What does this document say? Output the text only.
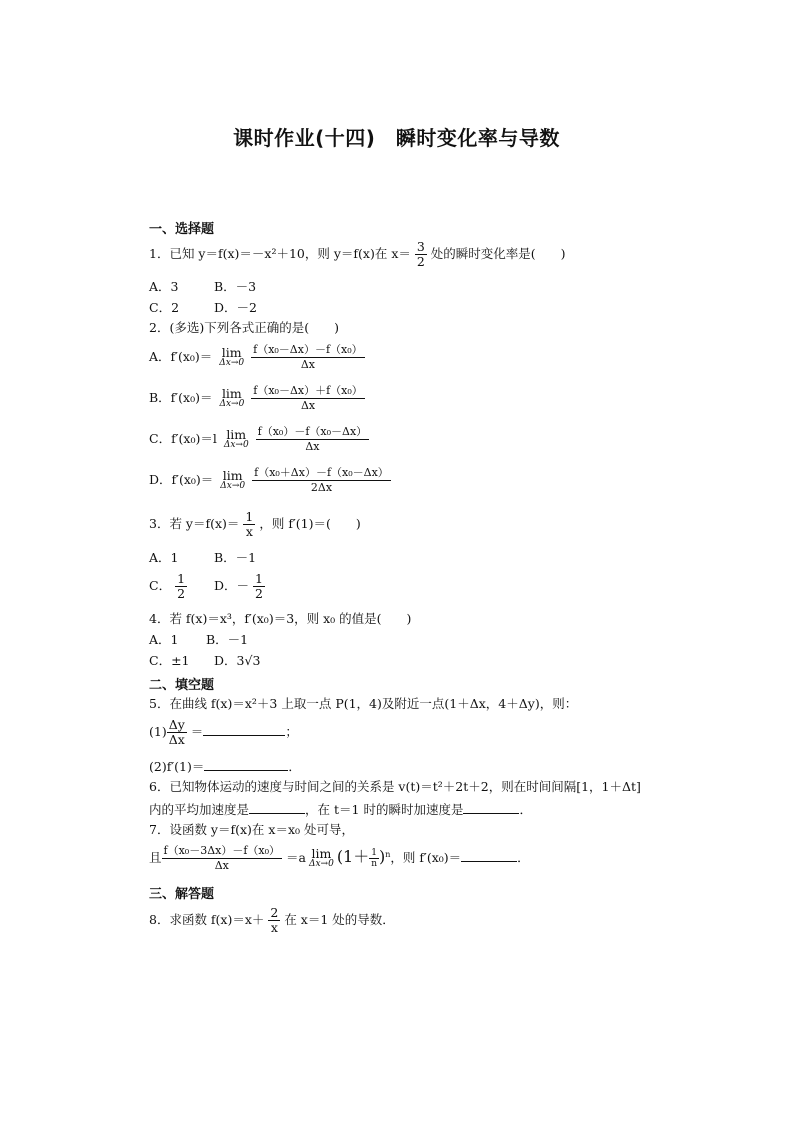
课时作业(十四)　瞬时变化率与导数
一、选择题
1．已知 y＝f(x)＝－x²＋10，则 y＝f(x)在 $x= \frac{3}{2}$ 处的瞬时变化率是(　　)
A．3	B．－3
C．2	D．－2
2．(多选)下列各式正确的是(　　)
A．f′(x₀)＝ lim
Δx→0
$\frac{\text{f（x₀－Δx）－f（x₀）}}{\Delta x}$
B．f′(x₀)＝ lim
Δx→0
$\frac{\text{f（x₀－Δx）＋f（x₀）}}{\Delta x}$
C．f′(x₀)＝l lim
Δx→0
$\frac{\text{f（x₀）－f（x₀－Δx）}}{\Delta x}$
D．f′(x₀)＝ lim
Δx→0
$\frac{\text{f（x₀＋Δx）－f（x₀－Δx）}}{2\Delta x}$
3．若 $y=f(x)= \frac{1}{x}$ ，则 f′(1)＝(　　)
A．1	B．－1
C． $\frac{1}{2}$ D．－ $\frac{1}{2}$
4．若 f(x)＝x³，f′(x₀)＝3，则 x₀ 的值是(　　)
A．1 B．－1
C．±1 D．3√3
二、填空题
5．在曲线 f(x)＝x²＋3 上取一点 P(1，4)及附近一点(1＋Δx，4＋Δy)，则：
$(1) \frac{\Delta y}{\Delta x}$ ＝	；
(2)f′(1)＝	．
6．已知物体运动的速度与时间之间的关系是 v(t)＝t²＋2t＋2，则在时间间隔[1，1＋Δt]
内的平均加速度是	，在 t＝1 时的瞬时加速度是	．
7．设函数 y＝f(x)在 x＝x₀ 处可导，
且 $\frac{\text{f（x₀－3Δx）－f（x₀）}}{\Delta x} =a$ lim
Δx→0 $(1+ \frac{1}{n} )^n$，则 f′(x₀)＝	．
三、解答题
8．求函数 $f(x)=x+ \frac{2}{x}$ 在 x＝1 处的导数．
